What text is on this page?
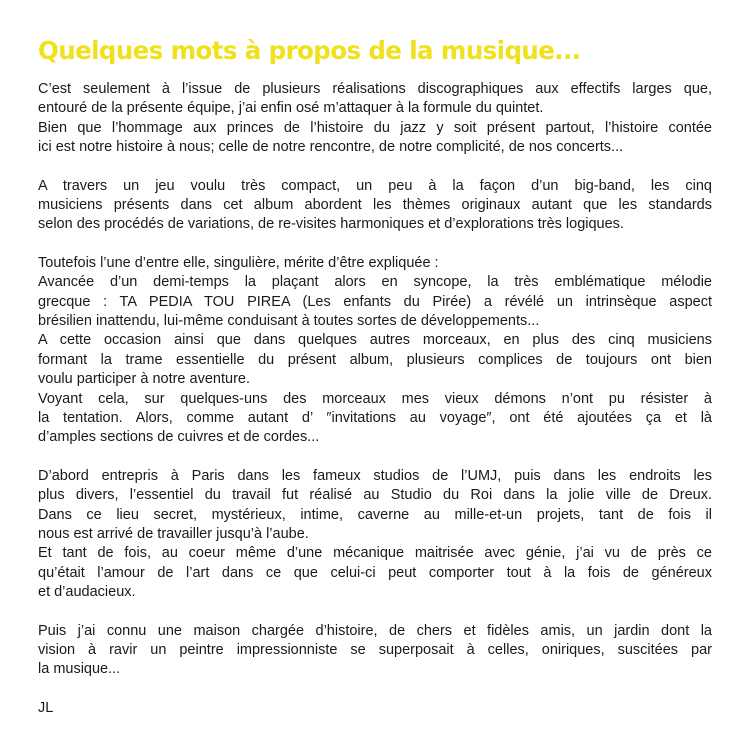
Quelques mots à propos de la musique...

C’est seulement à l’issue de plusieurs réalisations discographiques aux effectifs larges que,
entouré de la présente équipe, j’ai enfin osé m’attaquer à la formule du quintet.
Bien que l’hommage aux princes de l’histoire du jazz y soit présent partout, l’histoire contée
ici est notre histoire à nous; celle de notre rencontre, de notre complicité, de nos concerts...

A travers un jeu voulu très compact, un peu à la façon d’un big-band, les cinq
musiciens présents dans cet album abordent les thèmes originaux autant que les standards
selon des procédés de variations, de re-visites harmoniques et d’explorations très logiques.

Toutefois l’une d’entre elle, singulière, mérite d’être expliquée :
Avancée d’un demi-temps la plaçant alors en syncope, la très emblématique mélodie
grecque : TA PEDIA TOU PIREA (Les enfants du Pirée) a révélé un intrinsèque aspect
brésilien inattendu, lui-même conduisant à toutes sortes de développements...
A cette occasion ainsi que dans quelques autres morceaux, en plus des cinq musiciens
formant la trame essentielle du présent album, plusieurs complices de toujours ont bien
voulu participer à notre aventure.
Voyant cela, sur quelques-uns des morceaux mes vieux démons n’ont pu résister à
la tentation. Alors, comme autant d’ ″invitations au voyage″, ont été ajoutées ça et là
d’amples sections de cuivres et de cordes...

D’abord entrepris à Paris dans les fameux studios de l’UMJ, puis dans les endroits les
plus divers, l’essentiel du travail fut réalisé au Studio du Roi dans la jolie ville de Dreux.
Dans ce lieu secret, mystérieux, intime, caverne au mille-et-un projets, tant de fois il
nous est arrivé de travailler jusqu’à l’aube.
Et tant de fois, au coeur même d’une mécanique maitrisée avec génie, j’ai vu de près ce
qu’était l’amour de l’art dans ce que celui-ci peut comporter tout à la fois de généreux
et d’audacieux.

Puis j’ai connu une maison chargée d’histoire, de chers et fidèles amis, un jardin dont la
vision à ravir un peintre impressionniste se superposait à celles, oniriques, suscitées par
la musique...

JL
